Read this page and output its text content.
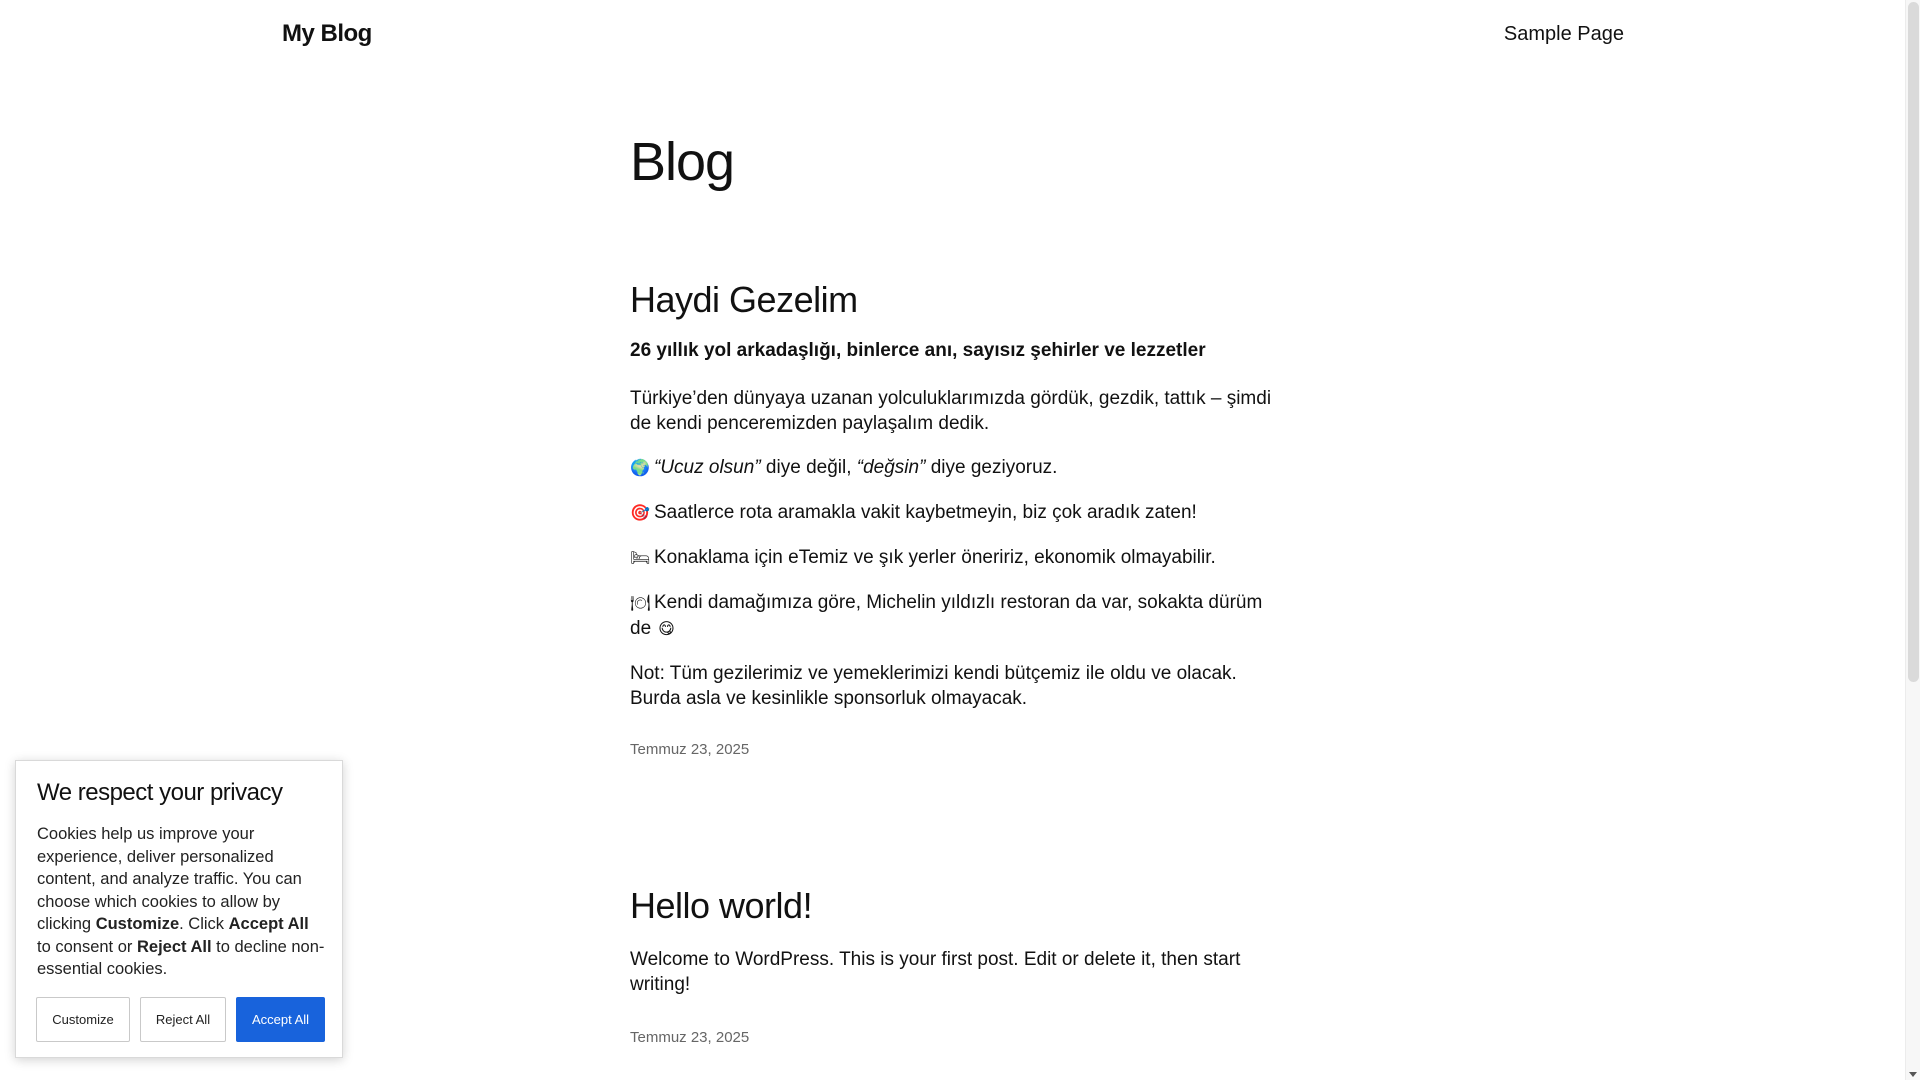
My Blog	Sample Page
Blog
Haydi Gezelim

26 yıllık yol arkadaşlığı, binlerce anı, sayısız şehirler ve lezzetler

Türkiye’den dünyaya uzanan yolculuklarımızda gördük, gezdik, tattık – şimdi de kendi penceremizden paylaşalım dedik.

🌍 “Ucuz olsun” diye değil, “değsin” diye geziyoruz.

🎯 Saatlerce rota aramakla vakit kaybetmeyin, biz çok aradık zaten!

🛏 Konaklama için eTemiz ve şık yerler öneririz, ekonomik olmayabilir.

🍽 Kendi damağımıza göre, Michelin yıldızlı restoran da var, sokakta dürüm de 😋

Not: Tüm gezilerimiz ve yemeklerimizi kendi bütçemiz ile oldu ve olacak. Burda asla ve kesinlikle sponsorluk olmayacak.

Temmuz 23, 2025
Hello world!

Welcome to WordPress. This is your first post. Edit or delete it, then start writing!

Temmuz 23, 2025
We respect your privacy
Cookies help us improve your experience, deliver personalized content, and analyze traffic. You can choose which cookies to allow by clicking Customize. Click Accept All to consent or Reject All to decline non-essential cookies.
Customize	Reject All	Accept All
